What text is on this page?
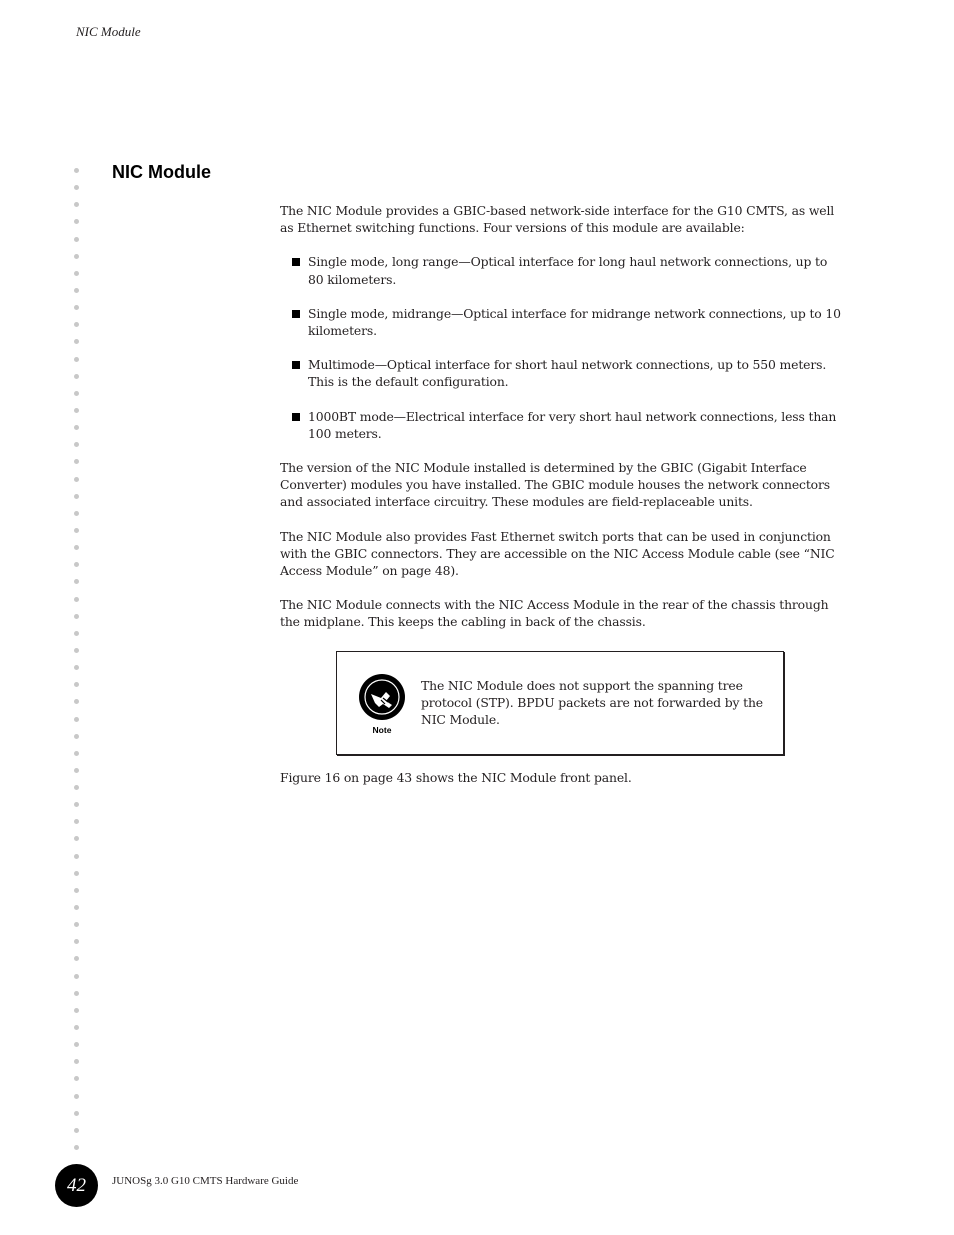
NIC Module
NIC Module

The NIC Module provides a GBIC-based network-side interface for the G10 CMTS, as well as Ethernet switching functions. Four versions of this module are available:

Single mode, long range—Optical interface for long haul network connections, up to 80 kilometers.
Single mode, midrange—Optical interface for midrange network connections, up to 10 kilometers.
Multimode—Optical interface for short haul network connections, up to 550 meters. This is the default configuration.
1000BT mode—Electrical interface for very short haul network connections, less than 100 meters.

The version of the NIC Module installed is determined by the GBIC (Gigabit Interface Converter) modules you have installed. The GBIC module houses the network connectors and associated interface circuitry. These modules are field-replaceable units.

The NIC Module also provides Fast Ethernet switch ports that can be used in conjunction with the GBIC connectors. They are accessible on the NIC Access Module cable (see “NIC Access Module” on page 48).

The NIC Module connects with the NIC Access Module in the rear of the chassis through the midplane. This keeps the cabling in back of the chassis.

Note
The NIC Module does not support the spanning tree protocol (STP). BPDU packets are not forwarded by the NIC Module.

Figure 16 on page 43 shows the NIC Module front panel.

42	JUNOSg 3.0 G10 CMTS Hardware Guide
